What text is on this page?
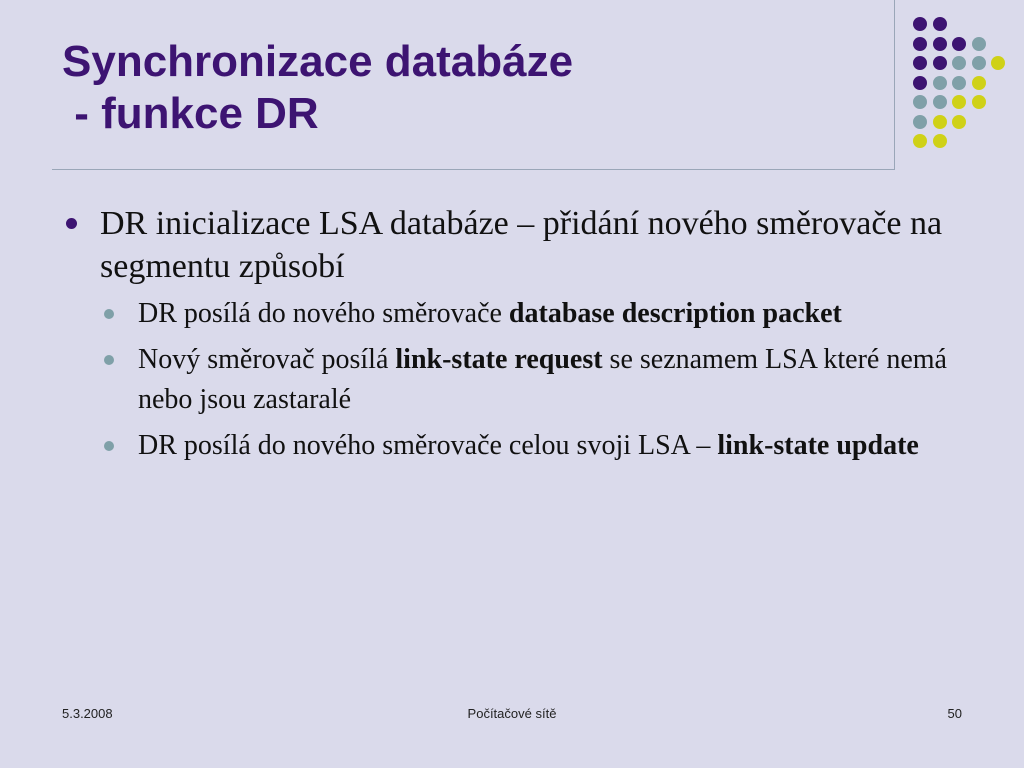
Synchronizace databáze
- funkce DR
DR inicializace LSA databáze – přidání nového směrovače na segmentu způsobí
DR posílá do nového směrovače database description packet
Nový směrovač posílá link-state request se seznamem LSA které nemá nebo jsou zastaralé
DR posílá do nového směrovače celou svoji LSA – link-state update
5.3.2008	Počítačové sítě	50
